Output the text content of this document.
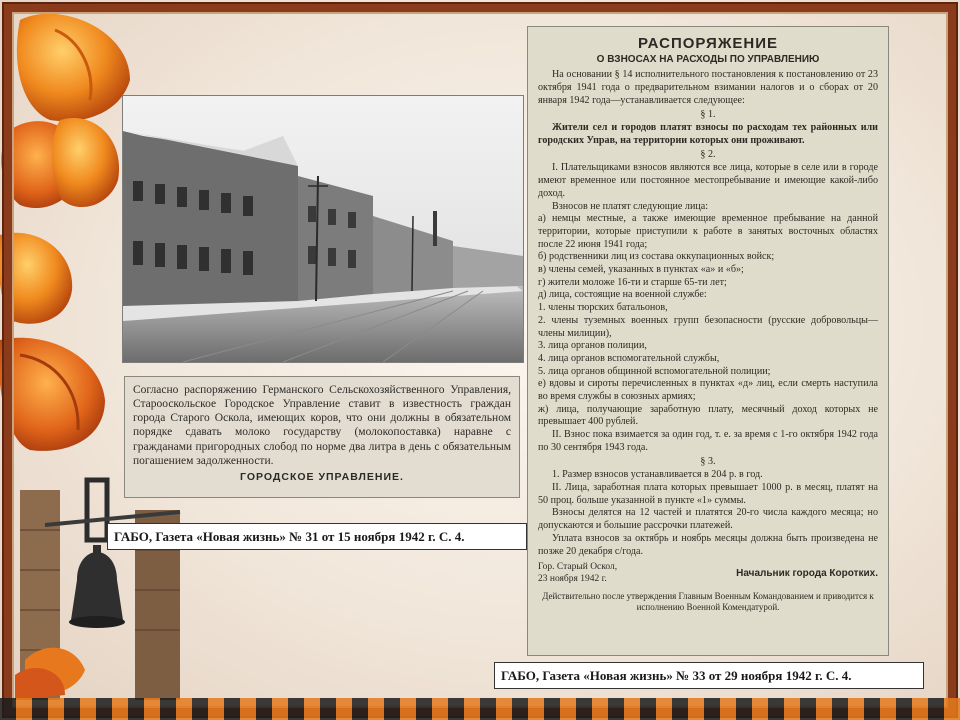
Согласно распоряжению Германского Сельскохозяйственного Управления, Старооскольское Городское Управление ставит в известность граждан города Старого Оскола, имеющих коров, что они должны в обязательном порядке сдавать молоко государству (молокопоставка) наравне с гражданами пригородных слобод по норме два литра в день с обязательным погашением задолженности.
ГОРОДСКОЕ УПРАВЛЕНИЕ.
ГАБО, Газета «Новая жизнь» № 31 от 15 ноября 1942 г. С. 4.
РАСПОРЯЖЕНИЕ
О ВЗНОСАХ НА РАСХОДЫ ПО УПРАВЛЕНИЮ

На основании § 14 исполнительного постановления к постановлению от 23 октября 1941 года о предварительном взимании налогов и о сборах от 20 января 1942 года—устанавливается следующее:

§ 1.

Жители сел и городов платят взносы по расходам тех районных или городских Управ, на территории которых они проживают.

§ 2.

I. Плательщиками взносов являются все лица, которые в селе или в городе имеют временное или постоянное местопребывание и имеющие какой-либо доход.

Взносов не платят следующие лица:

а) немцы местные, а также имеющие временное пребывание на данной территории, которые приступили к работе в занятых восточных областях после 22 июня 1941 года;

б) родственники лиц из состава оккупационных войск;

в) члены семей, указанных в пунктах «а» и «б»;

г) жители моложе 16-ти и старше 65-ти лет;

д) лица, состоящие на военной службе:

1. члены тюрских батальонов,

2. члены туземных военных групп безопасности (русские добровольцы—члены милиции),

3. лица органов полиции,

4. лица органов вспомогательной службы,

5. лица органов общинной вспомогательной полиции;

е) вдовы и сироты перечисленных в пунктах «д» лиц, если смерть наступила во время службы в союзных армиях;

ж) лица, получающие заработную плату, месячный доход которых не превышает 400 рублей.

II. Взнос пока взимается за один год, т. е. за время с 1-го октября 1942 года по 30 сентября 1943 года.

§ 3.

1. Размер взносов устанавливается в 204 р. в год.

II. Лица, заработная плата которых превышает 1000 р. в месяц, платят на 50 проц. больше указанной в пункте «1» суммы.

Взносы делятся на 12 частей и платятся 20-го числа каждого месяца; но допускаются и большие рассрочки платежей.

Уплата взносов за октябрь и ноябрь месяцы должна быть произведена не позже 20 декабря с/года.

Гор. Старый Оскол,
23 ноября 1942 г.
Начальник города Коротких.
Действительно после утверждения Главным Военным Командованием и приводится к исполнению Военной Комендатурой.
ГАБО, Газета «Новая жизнь» № 33 от 29 ноября 1942 г. С. 4.
